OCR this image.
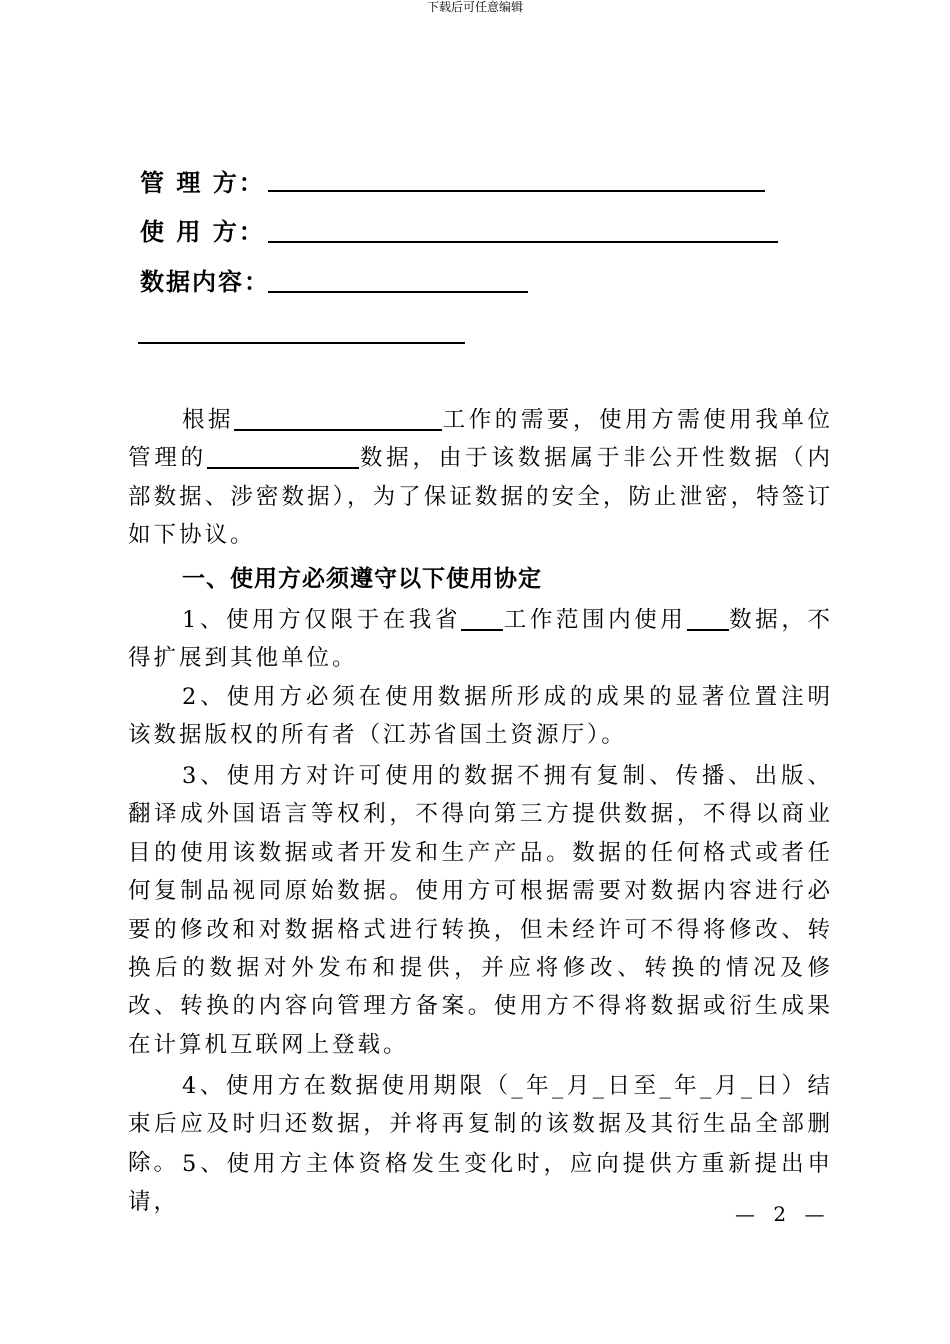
下载后可任意编辑
管 理 方：
使 用 方：
数据内容：

根据	工作的需要，使用方需使用我单位管理的	数据，由于该数据属于非公开性数据（内部数据、涉密数据），为了保证数据的安全，防止泄密，特签订如下协议。

一、使用方必须遵守以下使用协定

1、使用方仅限于在我省 工作范围内使用 数据，不得扩展到其他单位。

2、使用方必须在使用数据所形成的成果的显著位置注明该数据版权的所有者（江苏省国土资源厅）。

3、使用方对许可使用的数据不拥有复制、传播、出版、翻译成外国语言等权利，不得向第三方提供数据，不得以商业目的使用该数据或者开发和生产产品。数据的任何格式或者任何复制品视同原始数据。使用方可根据需要对数据内容进行必要的修改和对数据格式进行转换，但未经许可不得将修改、转换后的数据对外发布和提供，并应将修改、转换的情况及修改、转换的内容向管理方备案。使用方不得将数据或衍生成果在计算机互联网上登载。

4、使用方在数据使用期限（_年_月_日至_年_月_日）结束后应及时归还数据，并将再复制的该数据及其衍生品全部删除。 5、使用方主体资格发生变化时，应向提供方重新提出申请，	— 2 —
